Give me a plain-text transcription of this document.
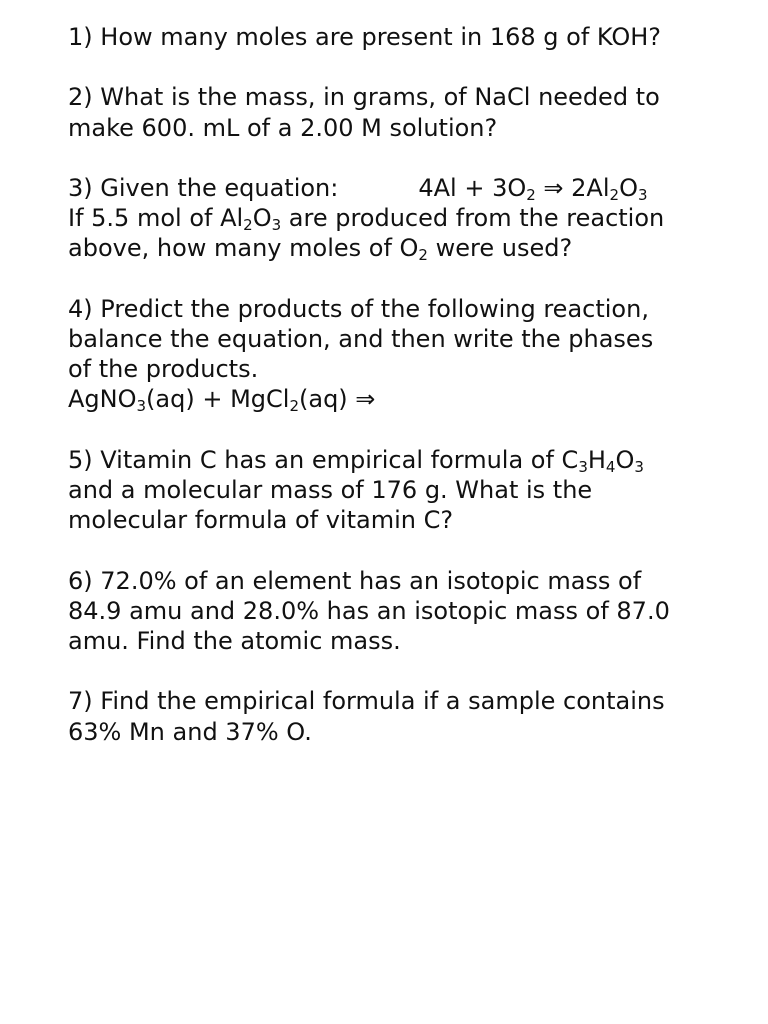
1) How many moles are present in 168 g of KOH?
2) What is the mass, in grams, of NaCl needed to
make 600. mL of a 2.00 M solution?
3) Given the equation:	$4Al + 3O_2$ ⇒ $2Al_2O_3$
If 5.5 mol of $Al_2O_3$ are produced from the reaction
above, how many moles of $O_2$ were used?
4) Predict the products of the following reaction,
balance the equation, and then write the phases
of the products.
AgNO$_3$(aq) + MgCl$_2$(aq) ⇒
5) Vitamin C has an empirical formula of $C_3H_4O_3$
and a molecular mass of 176 g. What is the
molecular formula of vitamin C?
6) 72.0% of an element has an isotopic mass of
84.9 amu and 28.0% has an isotopic mass of 87.0
amu. Find the atomic mass.
7) Find the empirical formula if a sample contains
63% Mn and 37% O.
